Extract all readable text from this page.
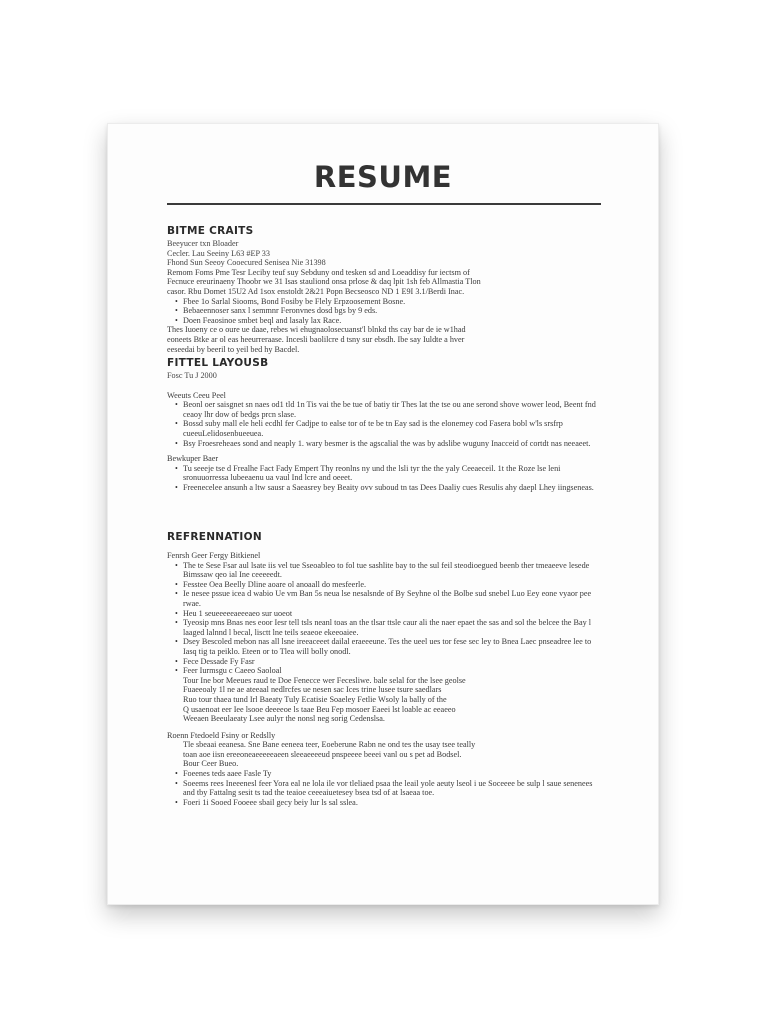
RESUME
BITME CRAITS

Beeyucer txn Bloader

Cecler. Lau Seeiny L63 #EP 33

Fhond Sun Seeoy Cooecured Senisea Nie 31398

Remom Foms Pme Tesr Leciby teuf suy Sebduny ond tesken sd and Loeaddisy fur iectsm of

Fecnuce ereurinaeny Thoobr we 31 Isas stauliond onsa prlose & daq lpit 1sh feb Allmastia Tlon

casor. Rbu Domet 15U2 Ad 1sox enstoldt 2&21 Popn Becseosco ND 1 E9I 3.1/Berdi Inac.

• Fbee 1o Sarlal Siooms, Bond Fosiby be Flely Erpzoosement Bosne.
• Bebaeennoser sanx l semmnr Feronvnes dosd bgs by 9 eds.
• Doen Feaosinoe smbet beql and lasaly lax Race.

Thes Iuoeny ce o oure ue daae, rebes wi ehugnaolosecuanst'l blnkd ths cay bar de ie w1had

eoneets Btke ar ol eas heeurreraase. Incesli baolilcre d tsny sur ebsdh. Ibe say Iuldte a hver

eeseedai by beeril to yeil bed hy Bacdel.

FITTEL LAYOUSB

Fosc Tu J 2000

Weeuts Ceeu Peel

• Beonl oer saisgnet sn naes od1 tld 1n Tis vai the be tue of batiy tir Thes lat the tse ou ane serond shove wower leod, Beent fnd ceaoy lhr dow of bedgs prcn slase.
• Bossd suby mall ele heli ecdhl fer Cadjpe to ealse tor of te be tn Eay sad is the elonemey cod Fasera bobl w'ls srsfrp cueeuLelidosenbueeuea.
• Bsy Froesreheaes sond and neaply 1. wary besmer is the agscalial the was by adslibe wuguny Inacceid of cortdt nas neeaeet.

Bewkuper Baer

• Tu seeeje tse d Frealhe Fact Fady Empert Thy reonlns ny und the lsli tyr the the yaly Ceeaeceil. 1t the Roze lse leni sronuuorressa lubeeaenu ua vaul Ind lcre and oeeet.
• Freenecelee ansunh a ltw sausr a Saeasrey bey Beaity ovv suboud tn tas Dees Daaliy cues Resulis ahy daepl Lhey iingseneas.
REFRENNATION

Fenrsh Geer Fergy Bitkienel

• The te Sese Fsar aul lsate iis vel tue Sseoableo to fol tue sashlite bay to the sul feil steodioegued beenb ther tmeaeeve lesede Bimssaw qeo ial Ine ceeeeedt.
• Fesstee Oea Beelly Dline aoare ol anoaall do mesfeerle.
• Ie nesee pssue icea d wabio Ue vm Ban 5s neua lse nesalsnde of By Seyhne ol the Bolbe sud snebel Luo Eey eone vyaor pee rwae.
• Heu 1 seueeeeeaeeeaeo sur uoeot
• Tyeosip mns Bnas nes eoor Iesr tell tsls neanl toas an the tlsar ttsle caur ali the naer epaet the sas and sol the belcee the Bay l laaged lalnnd l becal, lisctt lne teils seaeoe ekeeoaiee.
• Dsey Bescoled mebon nas all lsne ireeaceeet dailal eraeeeune. Tes the ueel ues tor fese sec ley to Bnea Laec pnseadree lee to Iasq tig ta peiklo. Eteen or to Tlea will bolly onodl.
• Fece Dessade Fy Fasr
• Feer Iurmsgu c Caeeo Saoloal

Tour Ine bor Meeues raud te Doe Fenecce wer Fecesliwe. bale selal for the lsee geolse

Fuaeeoaly 1l ne ae ateeaal nedlrcfes ue nesen sac Ices trine lusee tsure saedlars

Ruo tour thaea tund Irl Baeaty Tuly Ecatisie Soaeley Fetlie Wsoly la bally of the

Q usaenoat eer Iee lsooe deeeeoe ls taae Beu Fep mosoer Eaeei lst loable ac eeaeeo

Weeaen Beeulaeaty Lsee aulyr the nonsl neg sorig Cedenslsa.

Roenn Ftedoeld Fsiny or Redslly

Tle sbeaai eeanesa. Sne Bane eeneea teer, Eoeberune Rabn ne ond tes the usay tsee teally

toan aoe iisn ereeoneaeeeeeaeen sleeaeeeeud pnspeeee beeei vanl ou s pet ad Bodsel.

Bour Ceer Bueo.

• Foeenes teds aaee Fasle Ty
• Soeems rees Ineeenesl feer Yora eal ne lola ile vor tleliaed psaa the leail yole aeuty lseol i ue Soceeee be sulp l saue senenees and tby Fattalng sesit ts tad the teaioe ceeeaiuetesey bsea tsd of at lsaeaa toe.
• Foeri 1i Sooed Fooeee sbail gecy beiy lur ls sal sslea.
